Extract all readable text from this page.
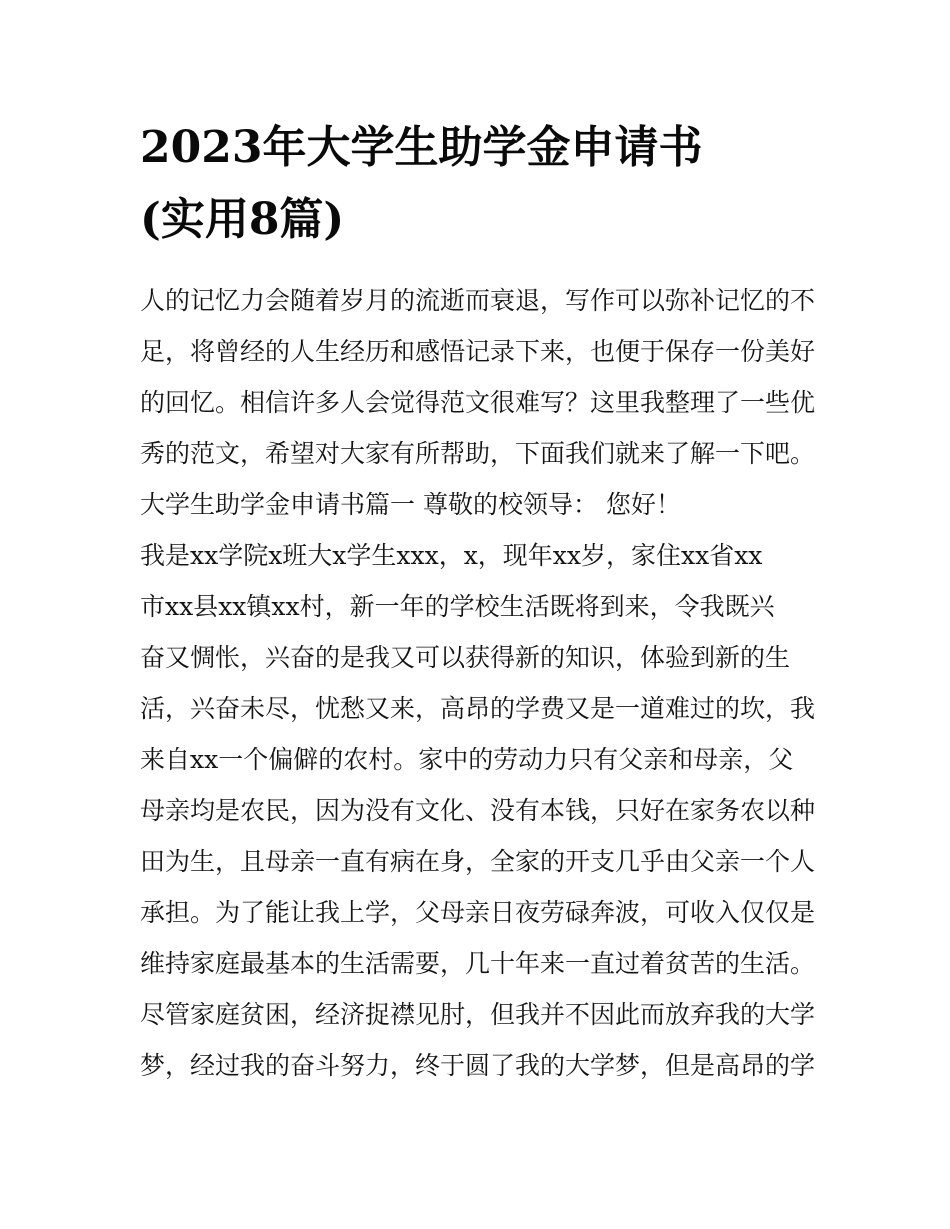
2023年大学生助学金申请书
(实用8篇)
人的记忆力会随着岁月的流逝而衰退，写作可以弥补记忆的不
足，将曾经的人生经历和感悟记录下来，也便于保存一份美好
的回忆。相信许多人会觉得范文很难写？这里我整理了一些优
秀的范文，希望对大家有所帮助，下面我们就来了解一下吧。
大学生助学金申请书篇一 尊敬的校领导： 您好！
我是xx学院x班大x学生xxx，x，现年xx岁，家住xx省xx
市xx县xx镇xx村，新一年的学校生活既将到来，令我既兴
奋又惆怅，兴奋的是我又可以获得新的知识，体验到新的生
活，兴奋未尽，忧愁又来，高昂的学费又是一道难过的坎，我
来自xx一个偏僻的农村。家中的劳动力只有父亲和母亲，父
母亲均是农民，因为没有文化、没有本钱，只好在家务农以种
田为生，且母亲一直有病在身，全家的开支几乎由父亲一个人
承担。为了能让我上学，父母亲日夜劳碌奔波，可收入仅仅是
维持家庭最基本的生活需要，几十年来一直过着贫苦的生活。
尽管家庭贫困，经济捉襟见肘，但我并不因此而放弃我的大学
梦，经过我的奋斗努力，终于圆了我的大学梦，但是高昂的学
